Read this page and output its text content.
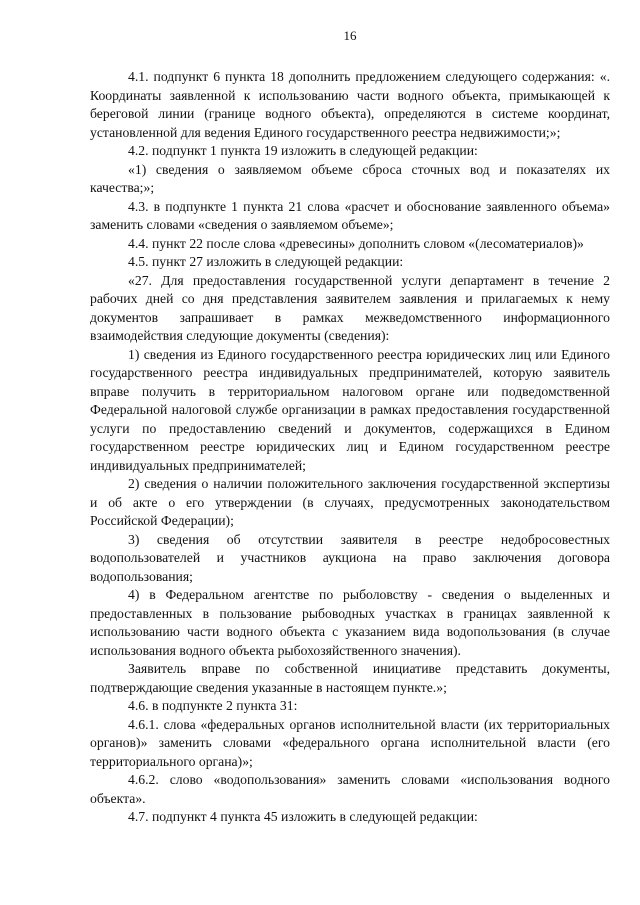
16

4.1. подпункт 6 пункта 18 дополнить предложением следующего содержания: «. Координаты заявленной к использованию части водного объекта, примыкающей к береговой линии (границе водного объекта), определяются в системе координат, установленной для ведения Единого государственного реестра недвижимости;»;

4.2. подпункт 1 пункта 19 изложить в следующей редакции:

«1) сведения о заявляемом объеме сброса сточных вод и показателях их качества;»;

4.3. в подпункте 1 пункта 21 слова «расчет и обоснование заявленного объема» заменить словами «сведения о заявляемом объеме»;

4.4. пункт 22 после слова «древесины» дополнить словом «(лесоматериалов)»

4.5. пункт 27 изложить в следующей редакции:

«27. Для предоставления государственной услуги департамент в течение 2 рабочих дней со дня представления заявителем заявления и прилагаемых к нему документов запрашивает в рамках межведомственного информационного взаимодействия следующие документы (сведения):

1) сведения из Единого государственного реестра юридических лиц или Единого государственного реестра индивидуальных предпринимателей, которую заявитель вправе получить в территориальном налоговом органе или подведомственной Федеральной налоговой службе организации в рамках предоставления государственной услуги по предоставлению сведений и документов, содержащихся в Едином государственном реестре юридических лиц и Едином государственном реестре индивидуальных предпринимателей;

2) сведения о наличии положительного заключения государственной экспертизы и об акте о его утверждении (в случаях, предусмотренных законодательством Российской Федерации);

3) сведения об отсутствии заявителя в реестре недобросовестных водопользователей и участников аукциона на право заключения договора водопользования;

4) в Федеральном агентстве по рыболовству - сведения о выделенных и предоставленных в пользование рыбоводных участках в границах заявленной к использованию части водного объекта с указанием вида водопользования (в случае использования водного объекта рыбохозяйственного значения).

Заявитель вправе по собственной инициативе представить документы, подтверждающие сведения указанные в настоящем пункте.»;

4.6. в подпункте 2 пункта 31:

4.6.1. слова «федеральных органов исполнительной власти (их территориальных органов)» заменить словами «федерального органа исполнительной власти (его территориального органа)»;

4.6.2. слово «водопользования» заменить словами «использования водного объекта».

4.7. подпункт 4 пункта 45 изложить в следующей редакции:
